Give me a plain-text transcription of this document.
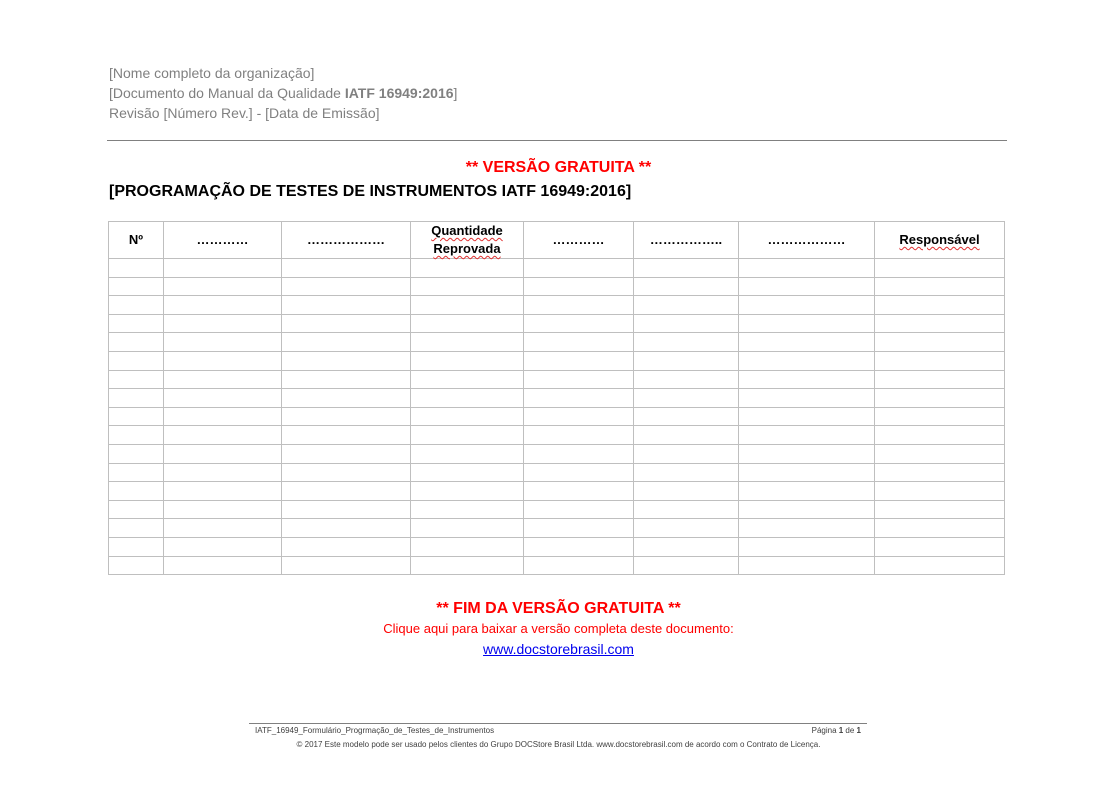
[Nome completo da organização]
[Documento do Manual da Qualidade IATF 16949:2016]
Revisão [Número Rev.] - [Data de Emissão]
** VERSÃO GRATUITA **
[PROGRAMAÇÃO DE TESTES DE INSTRUMENTOS IATF 16949:2016]
Nº	…………	………………	Quantidade Reprovada	…………	……………..	………………	Responsável

** FIM DA VERSÃO GRATUITA **
Clique aqui para baixar a versão completa deste documento:
www.docstorebrasil.com
IATF_16949_Formulário_Progrmação_de_Testes_de_Instrumentos	Página 1 de 1
© 2017 Este modelo pode ser usado pelos clientes do Grupo DOCStore Brasil Ltda. www.docstorebrasil.com de acordo com o Contrato de Licença.
